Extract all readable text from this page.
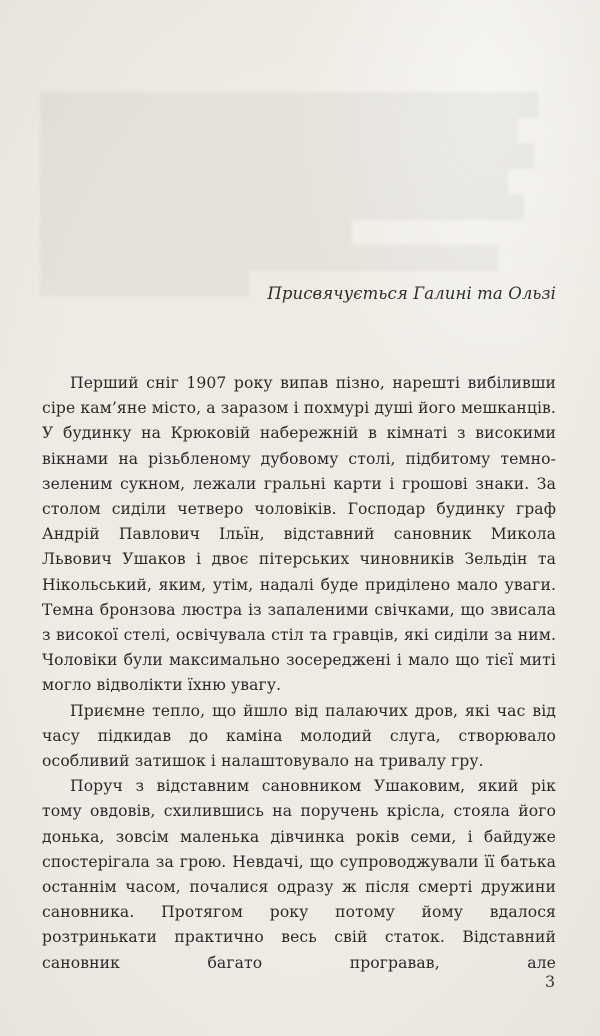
Присвячується Галині та Ользі

Перший сніг 1907 року випав пізно, нарешті вибіливши сіре кам’яне місто, а заразом і похмурі душі його мешканців. У будинку на Крюковій набережній в кімнаті з високими вікнами на різьбленому дубовому столі, підбитому темно-зеленим сукном, лежали гральні карти і грошові знаки. За столом сиділи четверо чоловіків. Господар будинку граф Андрій Павлович Ільїн, відставний сановник Микола Львович Ушаков і двоє пітерських чиновників Зельдін та Нікольський, яким, утім, надалі буде приділено мало уваги. Темна бронзова люстра із запаленими свічками, що звисала з високої стелі, освічувала стіл та гравців, які сиділи за ним. Чоловіки були максимально зосереджені і мало що тієї миті могло відволікти їхню увагу.

Приємне тепло, що йшло від палаючих дров, які час від часу підкидав до каміна молодий слуга, створювало особливий затишок і налаштовувало на тривалу гру.

Поруч з відставним сановником Ушаковим, який рік тому овдовів, схилившись на поручень крісла, стояла його донька, зовсім маленька дівчинка років семи, і байдуже спостерігала за грою. Невдачі, що супроводжували її батька останнім часом, почалися одразу ж після смерті дружини сановника. Протягом року потому йому вдалося розтринькати практично весь свій статок. Відставний сановник багато програвав, але

3
